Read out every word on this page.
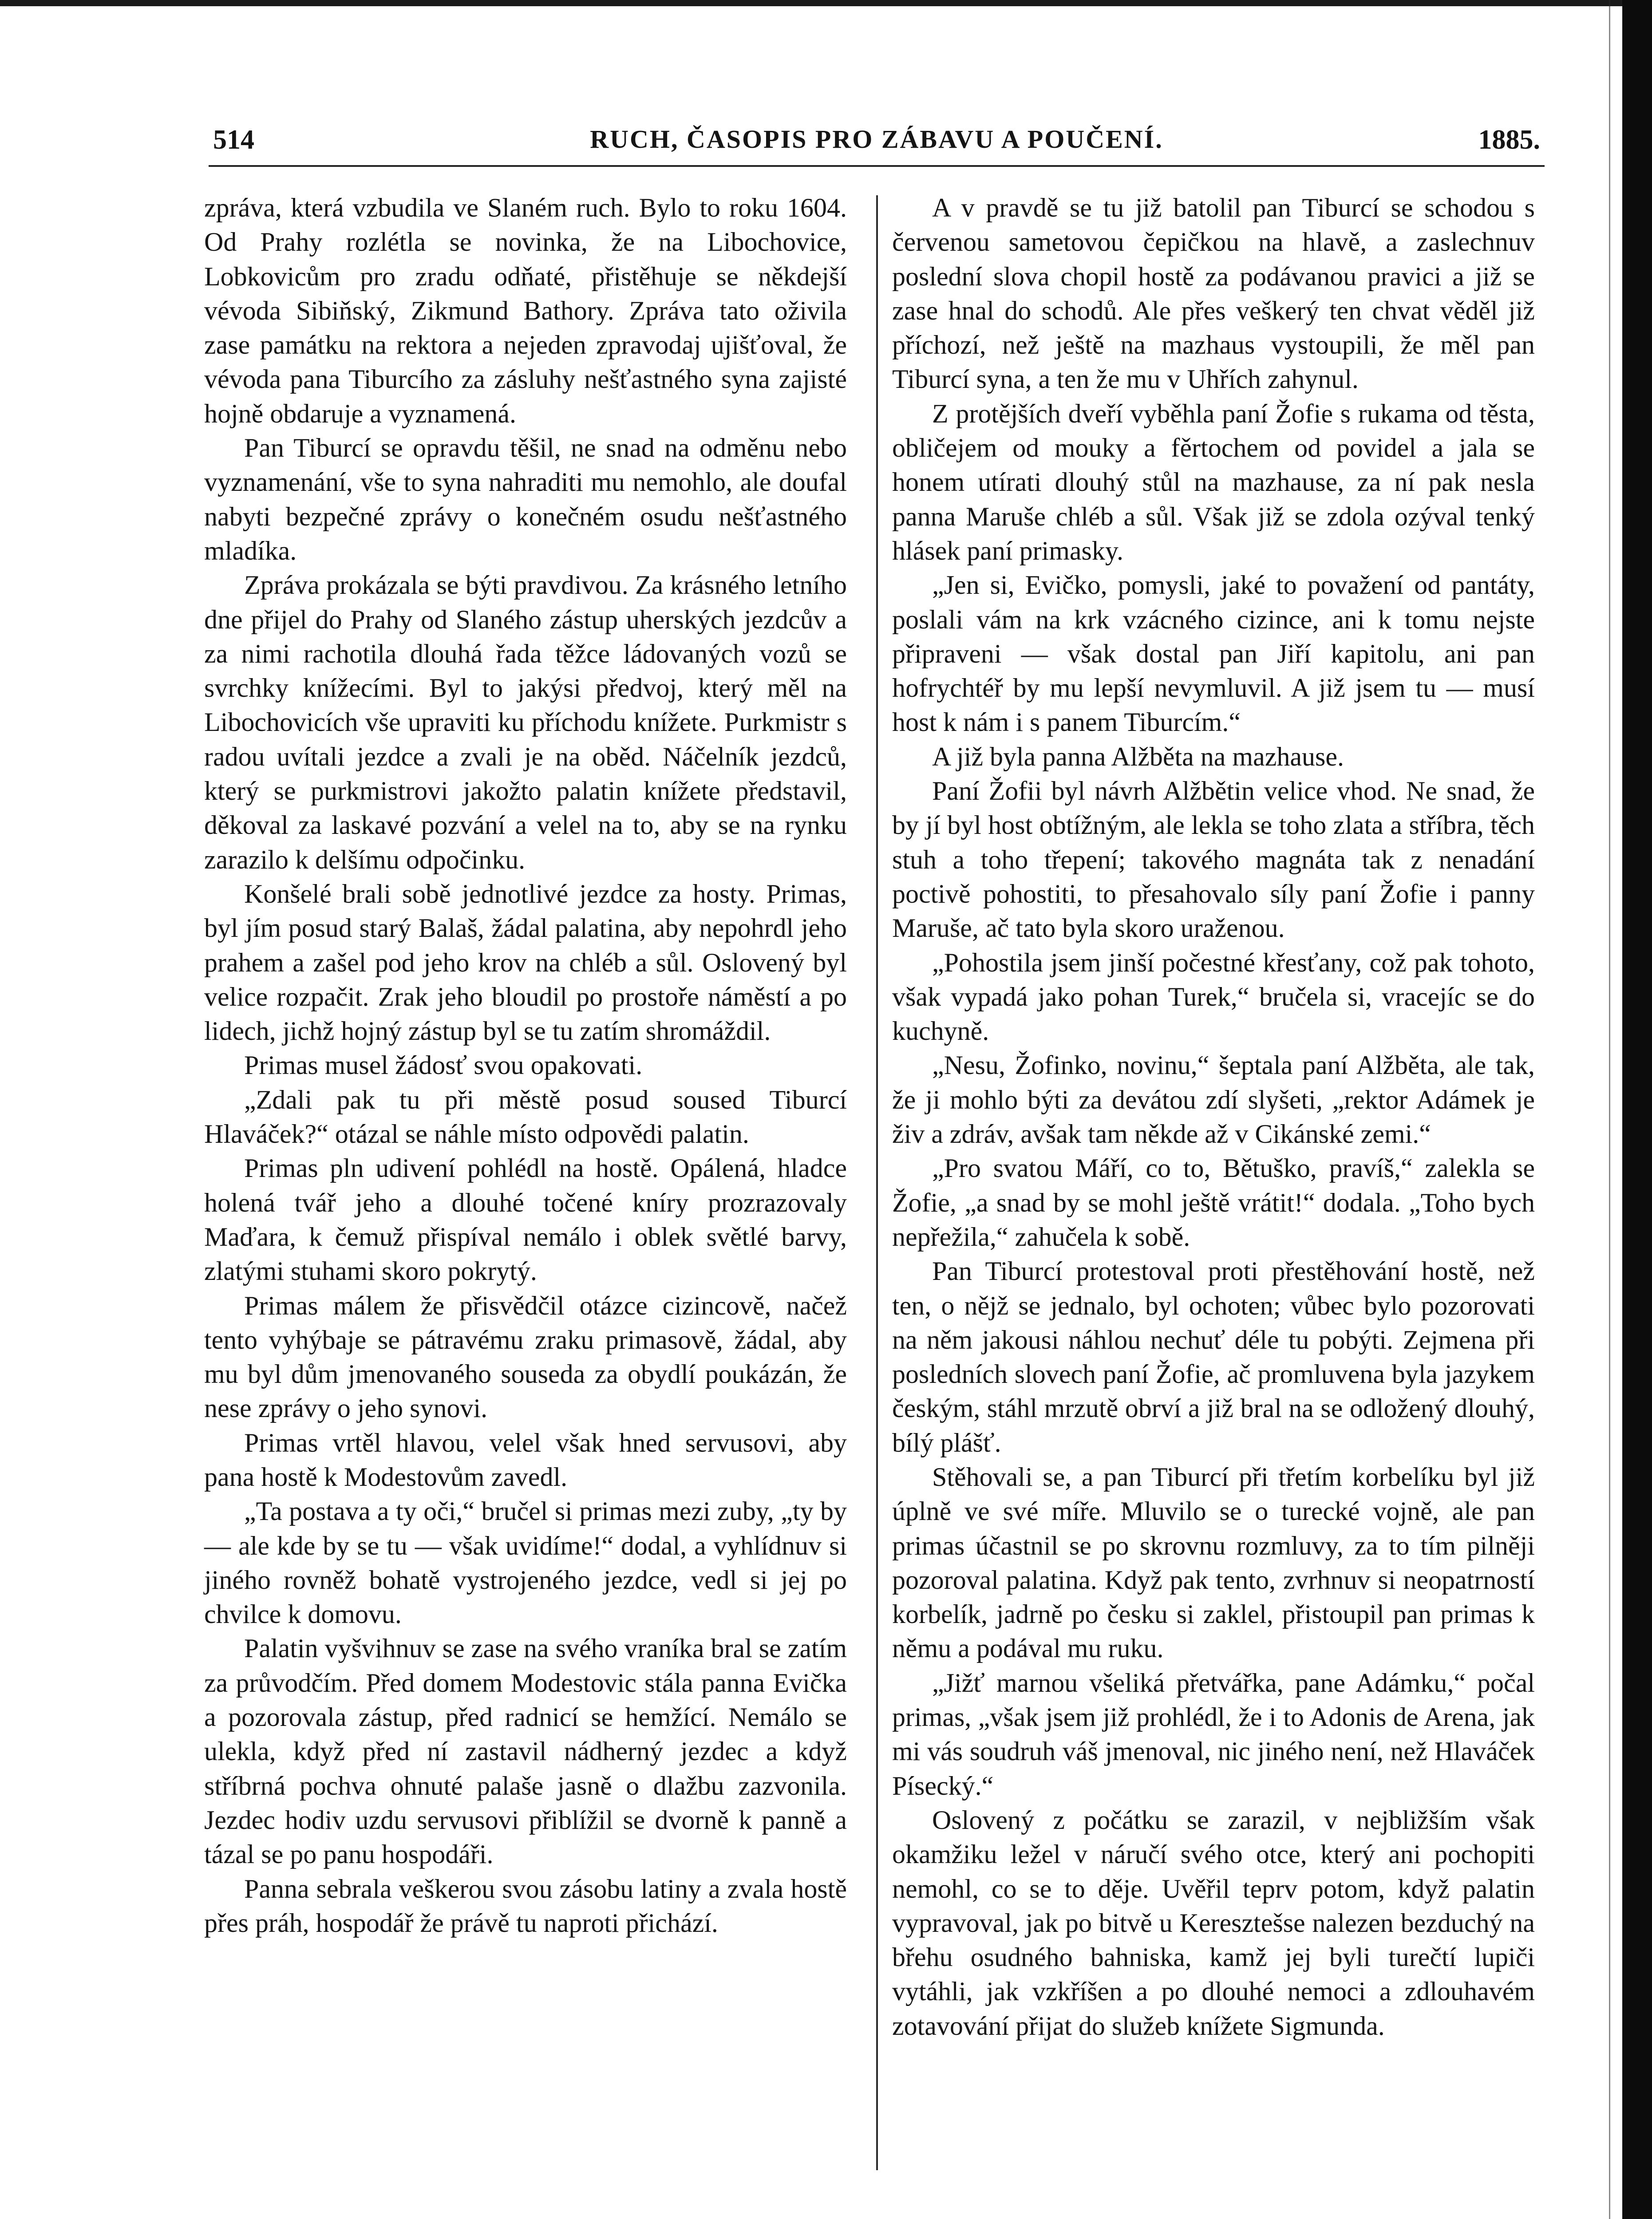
514	RUCH, ČASOPIS PRO ZÁBAVU A POUČENÍ.	1885.

zpráva, která vzbudila ve Slaném ruch. Bylo to roku 1604. Od Prahy rozlétla se novinka, že na Libochovice, Lobkovicům pro zradu odňaté, přistěhuje se někdejší vévoda Sibiňský, Zikmund Bathory. Zpráva tato oživila zase památku na rektora a nejeden zpravodaj ujišťoval, že vévoda pana Tiburcího za zásluhy nešťastného syna zajisté hojně obdaruje a vyznamená.

Pan Tiburcí se opravdu těšil, ne snad na odměnu nebo vyznamenání, vše to syna nahraditi mu nemohlo, ale doufal nabyti bezpečné zprávy o konečném osudu nešťastného mladíka.

Zpráva prokázala se býti pravdivou. Za krásného letního dne přijel do Prahy od Slaného zástup uherských jezdcův a za nimi rachotila dlouhá řada těžce ládovaných vozů se svrchky knížecími. Byl to jakýsi předvoj, který měl na Libochovicích vše upraviti ku příchodu knížete. Purkmistr s radou uvítali jezdce a zvali je na oběd. Náčelník jezdců, který se purkmistrovi jakožto palatin knížete představil, děkoval za laskavé pozvání a velel na to, aby se na rynku zarazilo k delšímu odpočinku.

Konšelé brali sobě jednotlivé jezdce za hosty. Primas, byl jím posud starý Balaš, žádal palatina, aby nepohrdl jeho prahem a zašel pod jeho krov na chléb a sůl. Oslovený byl velice rozpačit. Zrak jeho bloudil po prostoře náměstí a po lidech, jichž hojný zástup byl se tu zatím shromáždil.

Primas musel žádosť svou opakovati.

„Zdali pak tu při městě posud soused Tiburcí Hlaváček?“ otázal se náhle místo odpovědi palatin.

Primas pln udivení pohlédl na hostě. Opálená, hladce holená tvář jeho a dlouhé točené kníry prozrazovaly Maďara, k čemuž přispíval nemálo i oblek světlé barvy, zlatými stuhami skoro pokrytý.

Primas málem že přisvědčil otázce cizincově, načež tento vyhýbaje se pátravému zraku primasově, žádal, aby mu byl dům jmenovaného souseda za obydlí poukázán, že nese zprávy o jeho synovi.

Primas vrtěl hlavou, velel však hned servusovi, aby pana hostě k Modestovům zavedl.

„Ta postava a ty oči,“ bručel si primas mezi zuby, „ty by — ale kde by se tu — však uvidíme!“ dodal, a vyhlídnuv si jiného rovněž bohatě vystrojeného jezdce, vedl si jej po chvilce k domovu.

Palatin vyšvihnuv se zase na svého vraníka bral se zatím za průvodčím. Před domem Modestovic stála panna Evička a pozorovala zástup, před radnicí se hemžící. Nemálo se ulekla, když před ní zastavil nádherný jezdec a když stříbrná pochva ohnuté palaše jasně o dlažbu zazvonila. Jezdec hodiv uzdu servusovi přiblížil se dvorně k panně a tázal se po panu hospodáři.

Panna sebrala veškerou svou zásobu latiny a zvala hostě přes práh, hospodář že právě tu naproti přichází.

A v pravdě se tu již batolil pan Tiburcí se schodou s červenou sametovou čepičkou na hlavě, a zaslechnuv poslední slova chopil hostě za podávanou pravici a již se zase hnal do schodů. Ale přes veškerý ten chvat věděl již příchozí, než ještě na mazhaus vystoupili, že měl pan Tiburcí syna, a ten že mu v Uhřích zahynul.

Z protějších dveří vyběhla paní Žofie s rukama od těsta, obličejem od mouky a fěrtochem od povidel a jala se honem utírati dlouhý stůl na mazhause, za ní pak nesla panna Maruše chléb a sůl. Však již se zdola ozýval tenký hlásek paní primasky.

„Jen si, Evičko, pomysli, jaké to považení od pantáty, poslali vám na krk vzácného cizince, ani k tomu nejste připraveni — však dostal pan Jiří kapitolu, ani pan hofrychtéř by mu lepší nevymluvil. A již jsem tu — musí host k nám i s panem Tiburcím.“

A již byla panna Alžběta na mazhause.

Paní Žofii byl návrh Alžbětin velice vhod. Ne snad, že by jí byl host obtížným, ale lekla se toho zlata a stříbra, těch stuh a toho třepení; takového magnáta tak z nenadání poctivě pohostiti, to přesahovalo síly paní Žofie i panny Maruše, ač tato byla skoro uraženou.

„Pohostila jsem jinší počestné křesťany, což pak tohoto, však vypadá jako pohan Turek,“ bručela si, vracejíc se do kuchyně.

„Nesu, Žofinko, novinu,“ šeptala paní Alžběta, ale tak, že ji mohlo býti za devátou zdí slyšeti, „rektor Adámek je živ a zdráv, avšak tam někde až v Cikánské zemi.“

„Pro svatou Máří, co to, Bětuško, pravíš,“ zalekla se Žofie, „a snad by se mohl ještě vrátit!“ dodala. „Toho bych nepřežila,“ zahučela k sobě.

Pan Tiburcí protestoval proti přestěhování hostě, než ten, o nějž se jednalo, byl ochoten; vůbec bylo pozorovati na něm jakousi náhlou nechuť déle tu pobýti. Zejmena při posledních slovech paní Žofie, ač promluvena byla jazykem českým, stáhl mrzutě obrví a již bral na se odložený dlouhý, bílý plášť.

Stěhovali se, a pan Tiburcí při třetím korbelíku byl již úplně ve své míře. Mluvilo se o turecké vojně, ale pan primas účastnil se po skrovnu rozmluvy, za to tím pilněji pozoroval palatina. Když pak tento, zvrhnuv si neopatrností korbelík, jadrně po česku si zaklel, přistoupil pan primas k němu a podával mu ruku.

„Jižť marnou všeliká přetvářka, pane Adámku,“ počal primas, „však jsem již prohlédl, že i to Adonis de Arena, jak mi vás soudruh váš jmenoval, nic jiného není, než Hlaváček Písecký.“

Oslovený z počátku se zarazil, v nejbližším však okamžiku ležel v náručí svého otce, který ani pochopiti nemohl, co se to děje. Uvěřil teprv potom, když palatin vypravoval, jak po bitvě u Keresztešse nalezen bezduchý na břehu osudného bahniska, kamž jej byli turečtí lupiči vytáhli, jak vzkříšen a po dlouhé nemoci a zdlouhavém zotavování přijat do služeb knížete Sigmunda.
